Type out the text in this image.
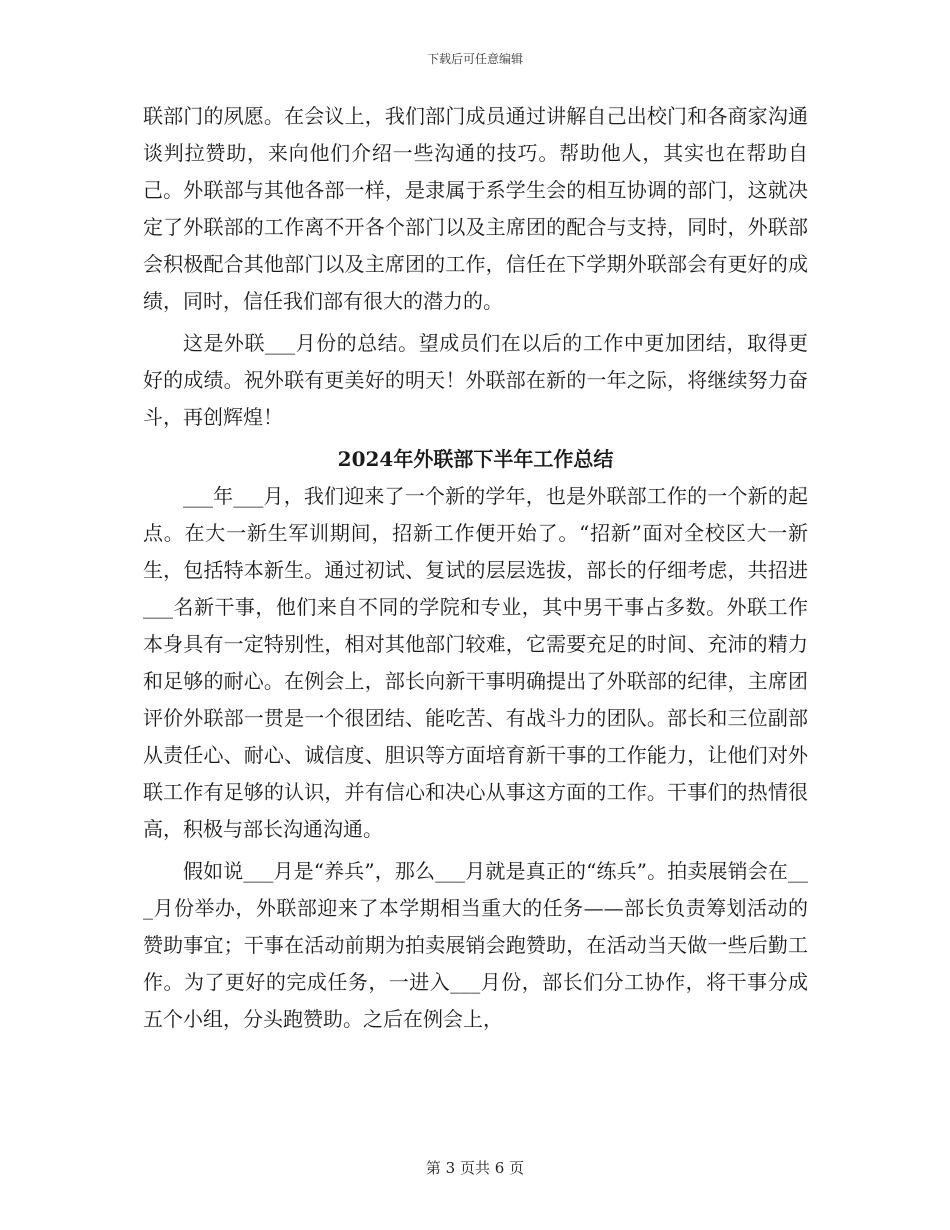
下载后可任意编辑

联部门的夙愿。在会议上，我们部门成员通过讲解自己出校门和各商家沟通谈判拉赞助，来向他们介绍一些沟通的技巧。帮助他人，其实也在帮助自己。外联部与其他各部一样，是隶属于系学生会的相互协调的部门，这就决定了外联部的工作离不开各个部门以及主席团的配合与支持，同时，外联部会积极配合其他部门以及主席团的工作，信任在下学期外联部会有更好的成绩，同时，信任我们部有很大的潜力的。

这是外联___月份的总结。望成员们在以后的工作中更加团结，取得更好的成绩。祝外联有更美好的明天！外联部在新的一年之际，将继续努力奋斗，再创辉煌！

2024年外联部下半年工作总结

___年___月，我们迎来了一个新的学年，也是外联部工作的一个新的起点。在大一新生军训期间，招新工作便开始了。“招新”面对全校区大一新生，包括特本新生。通过初试、复试的层层选拔，部长的仔细考虑，共招进___名新干事，他们来自不同的学院和专业，其中男干事占多数。外联工作本身具有一定特别性，相对其他部门较难，它需要充足的时间、充沛的精力和足够的耐心。在例会上，部长向新干事明确提出了外联部的纪律，主席团评价外联部一贯是一个很团结、能吃苦、有战斗力的团队。部长和三位副部从责任心、耐心、诚信度、胆识等方面培育新干事的工作能力，让他们对外联工作有足够的认识，并有信心和决心从事这方面的工作。干事们的热情很高，积极与部长沟通沟通。

假如说___月是“养兵”，那么___月就是真正的“练兵”。拍卖展销会在___月份举办，外联部迎来了本学期相当重大的任务——部长负责筹划活动的赞助事宜；干事在活动前期为拍卖展销会跑赞助，在活动当天做一些后勤工作。为了更好的完成任务，一进入___月份，部长们分工协作，将干事分成五个小组，分头跑赞助。之后在例会上，

第 3 页共 6 页
